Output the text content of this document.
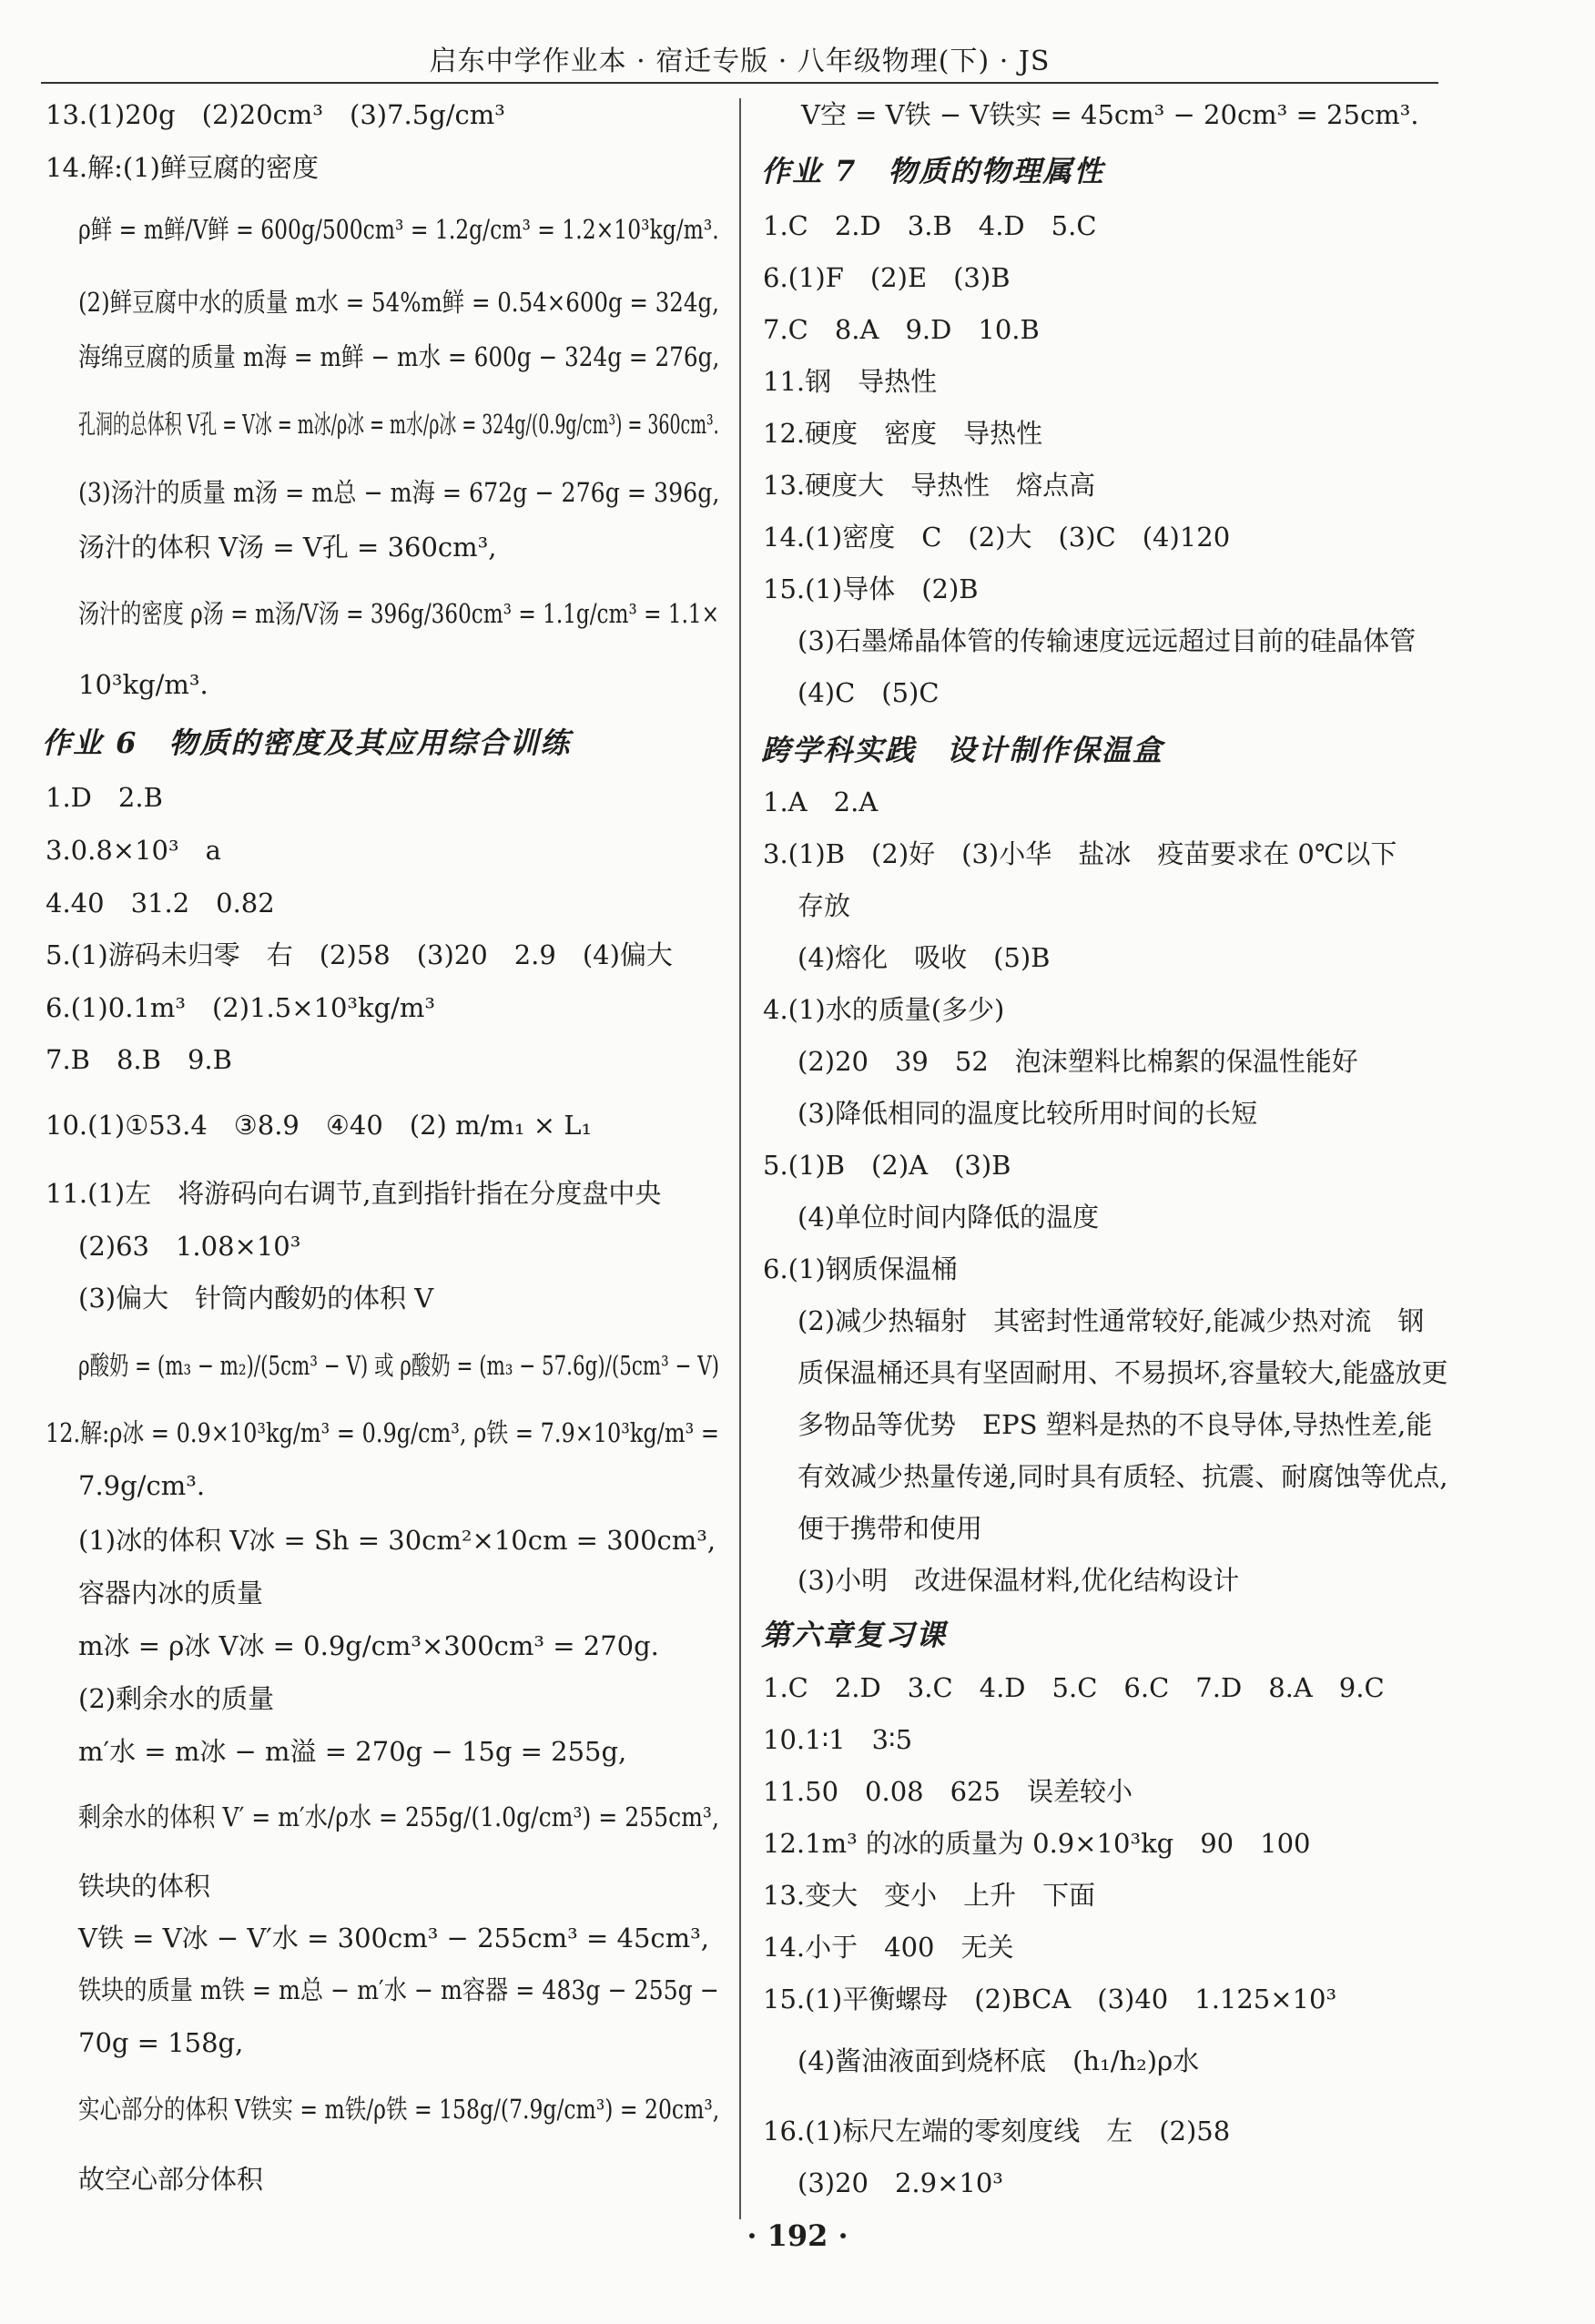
启东中学作业本 · 宿迁专版 · 八年级物理(下) · JS
13.(1)20g　(2)20cm³　(3)7.5g/cm³
14.解:(1)鲜豆腐的密度
ρ鲜 = m鲜/V鲜 = 600g/500cm³ = 1.2g/cm³ = 1.2×10³kg/m³.
(2)鲜豆腐中水的质量 m水 = 54%m鲜 = 0.54×600g = 324g,
海绵豆腐的质量 m海 = m鲜 − m水 = 600g − 324g = 276g,
孔洞的总体积 V孔 = V冰 = m冰/ρ冰 = m水/ρ冰 = 324g/(0.9g/cm³) = 360cm³.
(3)汤汁的质量 m汤 = m总 − m海 = 672g − 276g = 396g,
汤汁的体积 V汤 = V孔 = 360cm³,
汤汁的密度 ρ汤 = m汤/V汤 = 396g/360cm³ = 1.1g/cm³ = 1.1×
10³kg/m³.
作业 6　物质的密度及其应用综合训练
1.D　2.B
3.0.8×10³　a
4.40　31.2　0.82
5.(1)游码未归零　右　(2)58　(3)20　2.9　(4)偏大
6.(1)0.1m³　(2)1.5×10³kg/m³
7.B　8.B　9.B
10.(1)①53.4　③8.9　④40　(2) m/m₁ × L₁
11.(1)左　将游码向右调节,直到指针指在分度盘中央
(2)63　1.08×10³
(3)偏大　针筒内酸奶的体积 V
ρ酸奶 = (m₃ − m₂)/(5cm³ − V) 或 ρ酸奶 = (m₃ − 57.6g)/(5cm³ − V)
12.解:ρ冰 = 0.9×10³kg/m³ = 0.9g/cm³, ρ铁 = 7.9×10³kg/m³ =
7.9g/cm³.
(1)冰的体积 V冰 = Sh = 30cm²×10cm = 300cm³,
容器内冰的质量
m冰 = ρ冰 V冰 = 0.9g/cm³×300cm³ = 270g.
(2)剩余水的质量
m′水 = m冰 − m溢 = 270g − 15g = 255g,
剩余水的体积 V′ = m′水/ρ水 = 255g/(1.0g/cm³) = 255cm³,
铁块的体积
V铁 = V冰 − V′水 = 300cm³ − 255cm³ = 45cm³,
铁块的质量 m铁 = m总 − m′水 − m容器 = 483g − 255g −
70g = 158g,
实心部分的体积 V铁实 = m铁/ρ铁 = 158g/(7.9g/cm³) = 20cm³,
故空心部分体积
V空 = V铁 − V铁实 = 45cm³ − 20cm³ = 25cm³.
作业 7　物质的物理属性
1.C　2.D　3.B　4.D　5.C
6.(1)F　(2)E　(3)B
7.C　8.A　9.D　10.B
11.钢　导热性
12.硬度　密度　导热性
13.硬度大　导热性　熔点高
14.(1)密度　C　(2)大　(3)C　(4)120
15.(1)导体　(2)B
(3)石墨烯晶体管的传输速度远远超过目前的硅晶体管
(4)C　(5)C
跨学科实践　设计制作保温盒
1.A　2.A
3.(1)B　(2)好　(3)小华　盐冰　疫苗要求在 0℃以下
存放
(4)熔化　吸收　(5)B
4.(1)水的质量(多少)
(2)20　39　52　泡沫塑料比棉絮的保温性能好
(3)降低相同的温度比较所用时间的长短
5.(1)B　(2)A　(3)B
(4)单位时间内降低的温度
6.(1)钢质保温桶
(2)减少热辐射　其密封性通常较好,能减少热对流　钢
质保温桶还具有坚固耐用、不易损坏,容量较大,能盛放更
多物品等优势　EPS 塑料是热的不良导体,导热性差,能
有效减少热量传递,同时具有质轻、抗震、耐腐蚀等优点,
便于携带和使用
(3)小明　改进保温材料,优化结构设计
第六章复习课
1.C　2.D　3.C　4.D　5.C　6.C　7.D　8.A　9.C
10.1∶1　3∶5
11.50　0.08　625　误差较小
12.1m³ 的冰的质量为 0.9×10³kg　90　100
13.变大　变小　上升　下面
14.小于　400　无关
15.(1)平衡螺母　(2)BCA　(3)40　1.125×10³
(4)酱油液面到烧杯底　(h₁/h₂)ρ水
16.(1)标尺左端的零刻度线　左　(2)58
(3)20　2.9×10³
· 192 ·
